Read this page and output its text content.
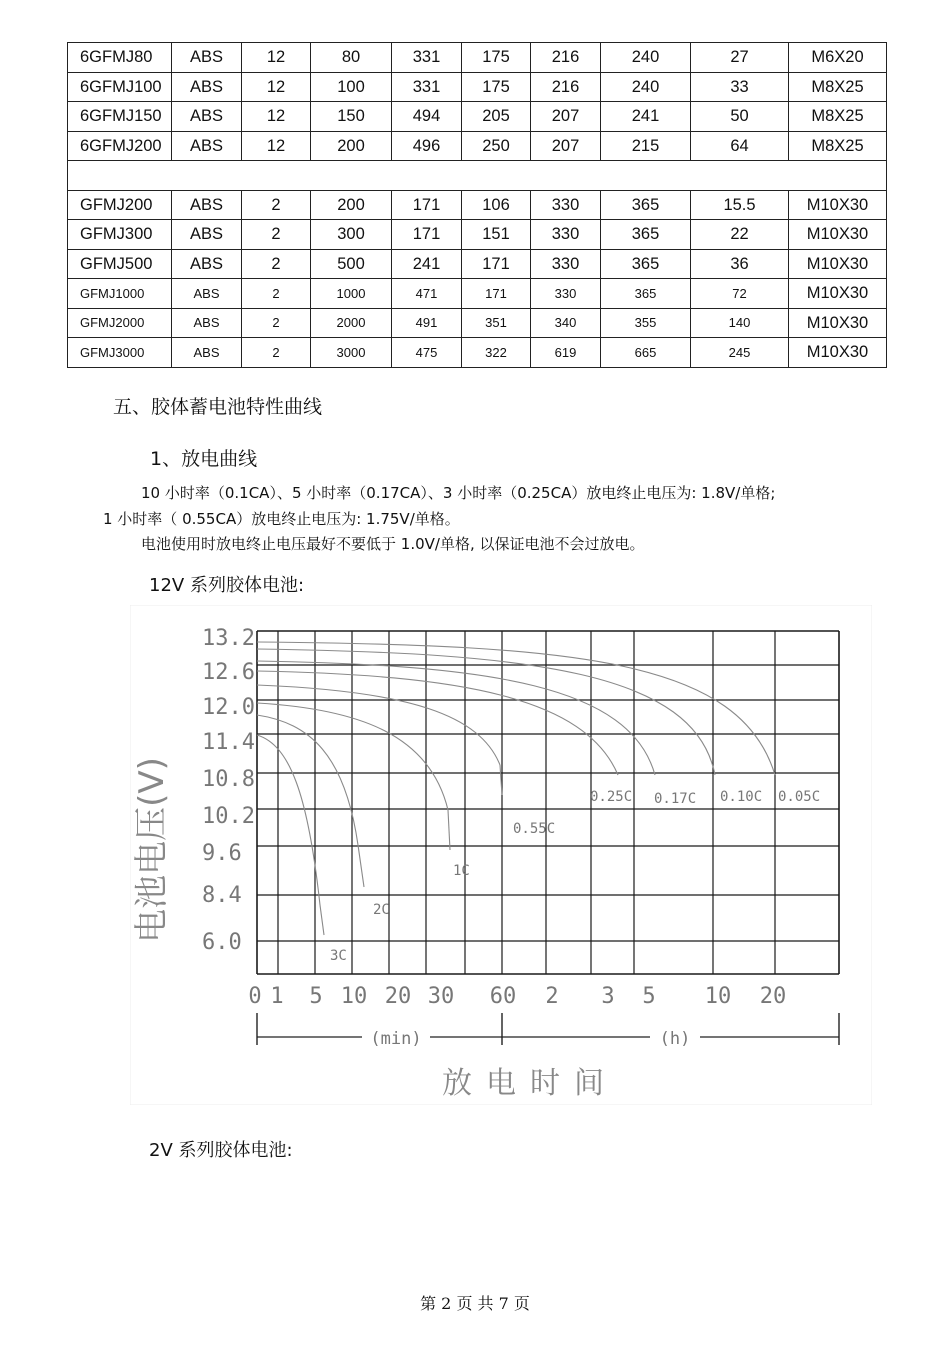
6GFMJ80	ABS	12	80	331	175	216	240	27	M6X20
6GFMJ100	ABS	12	100	331	175	216	240	33	M8X25
6GFMJ150	ABS	12	150	494	205	207	241	50	M8X25
6GFMJ200	ABS	12	200	496	250	207	215	64	M8X25

GFMJ200	ABS	2	200	171	106	330	365	15.5	M10X30
GFMJ300	ABS	2	300	171	151	330	365	22	M10X30
GFMJ500	ABS	2	500	241	171	330	365	36	M10X30
GFMJ1000	ABS	2	1000	471	171	330	365	72	M10X30
GFMJ2000	ABS	2	2000	491	351	340	355	140	M10X30
GFMJ3000	ABS	2	3000	475	322	619	665	245	M10X30
五、胶体蓄电池特性曲线
1、放电曲线
10 小时率（0.1CA）、5 小时率（0.17CA）、3 小时率（0.25CA）放电终止电压为: 1.8V/单格;
1 小时率（ 0.55CA）放电终止电压为: 1.75V/单格。
电池使用时放电终止电压最好不要低于 1.0V/单格, 以保证电池不会过放电。
12V 系列胶体电池:
13.2
12.6
12.0
11.4
10.8
10.2
9.6
8.4
6.0
0 1 5 10 20 30 60 2 3 5 10 20
3C
2C
1C
0.55C
0.25C 0.17C 0.10C 0.05C
(min)	(h)
电池电压(V)
放电时间
2V 系列胶体电池:
第 2 页 共 7 页
